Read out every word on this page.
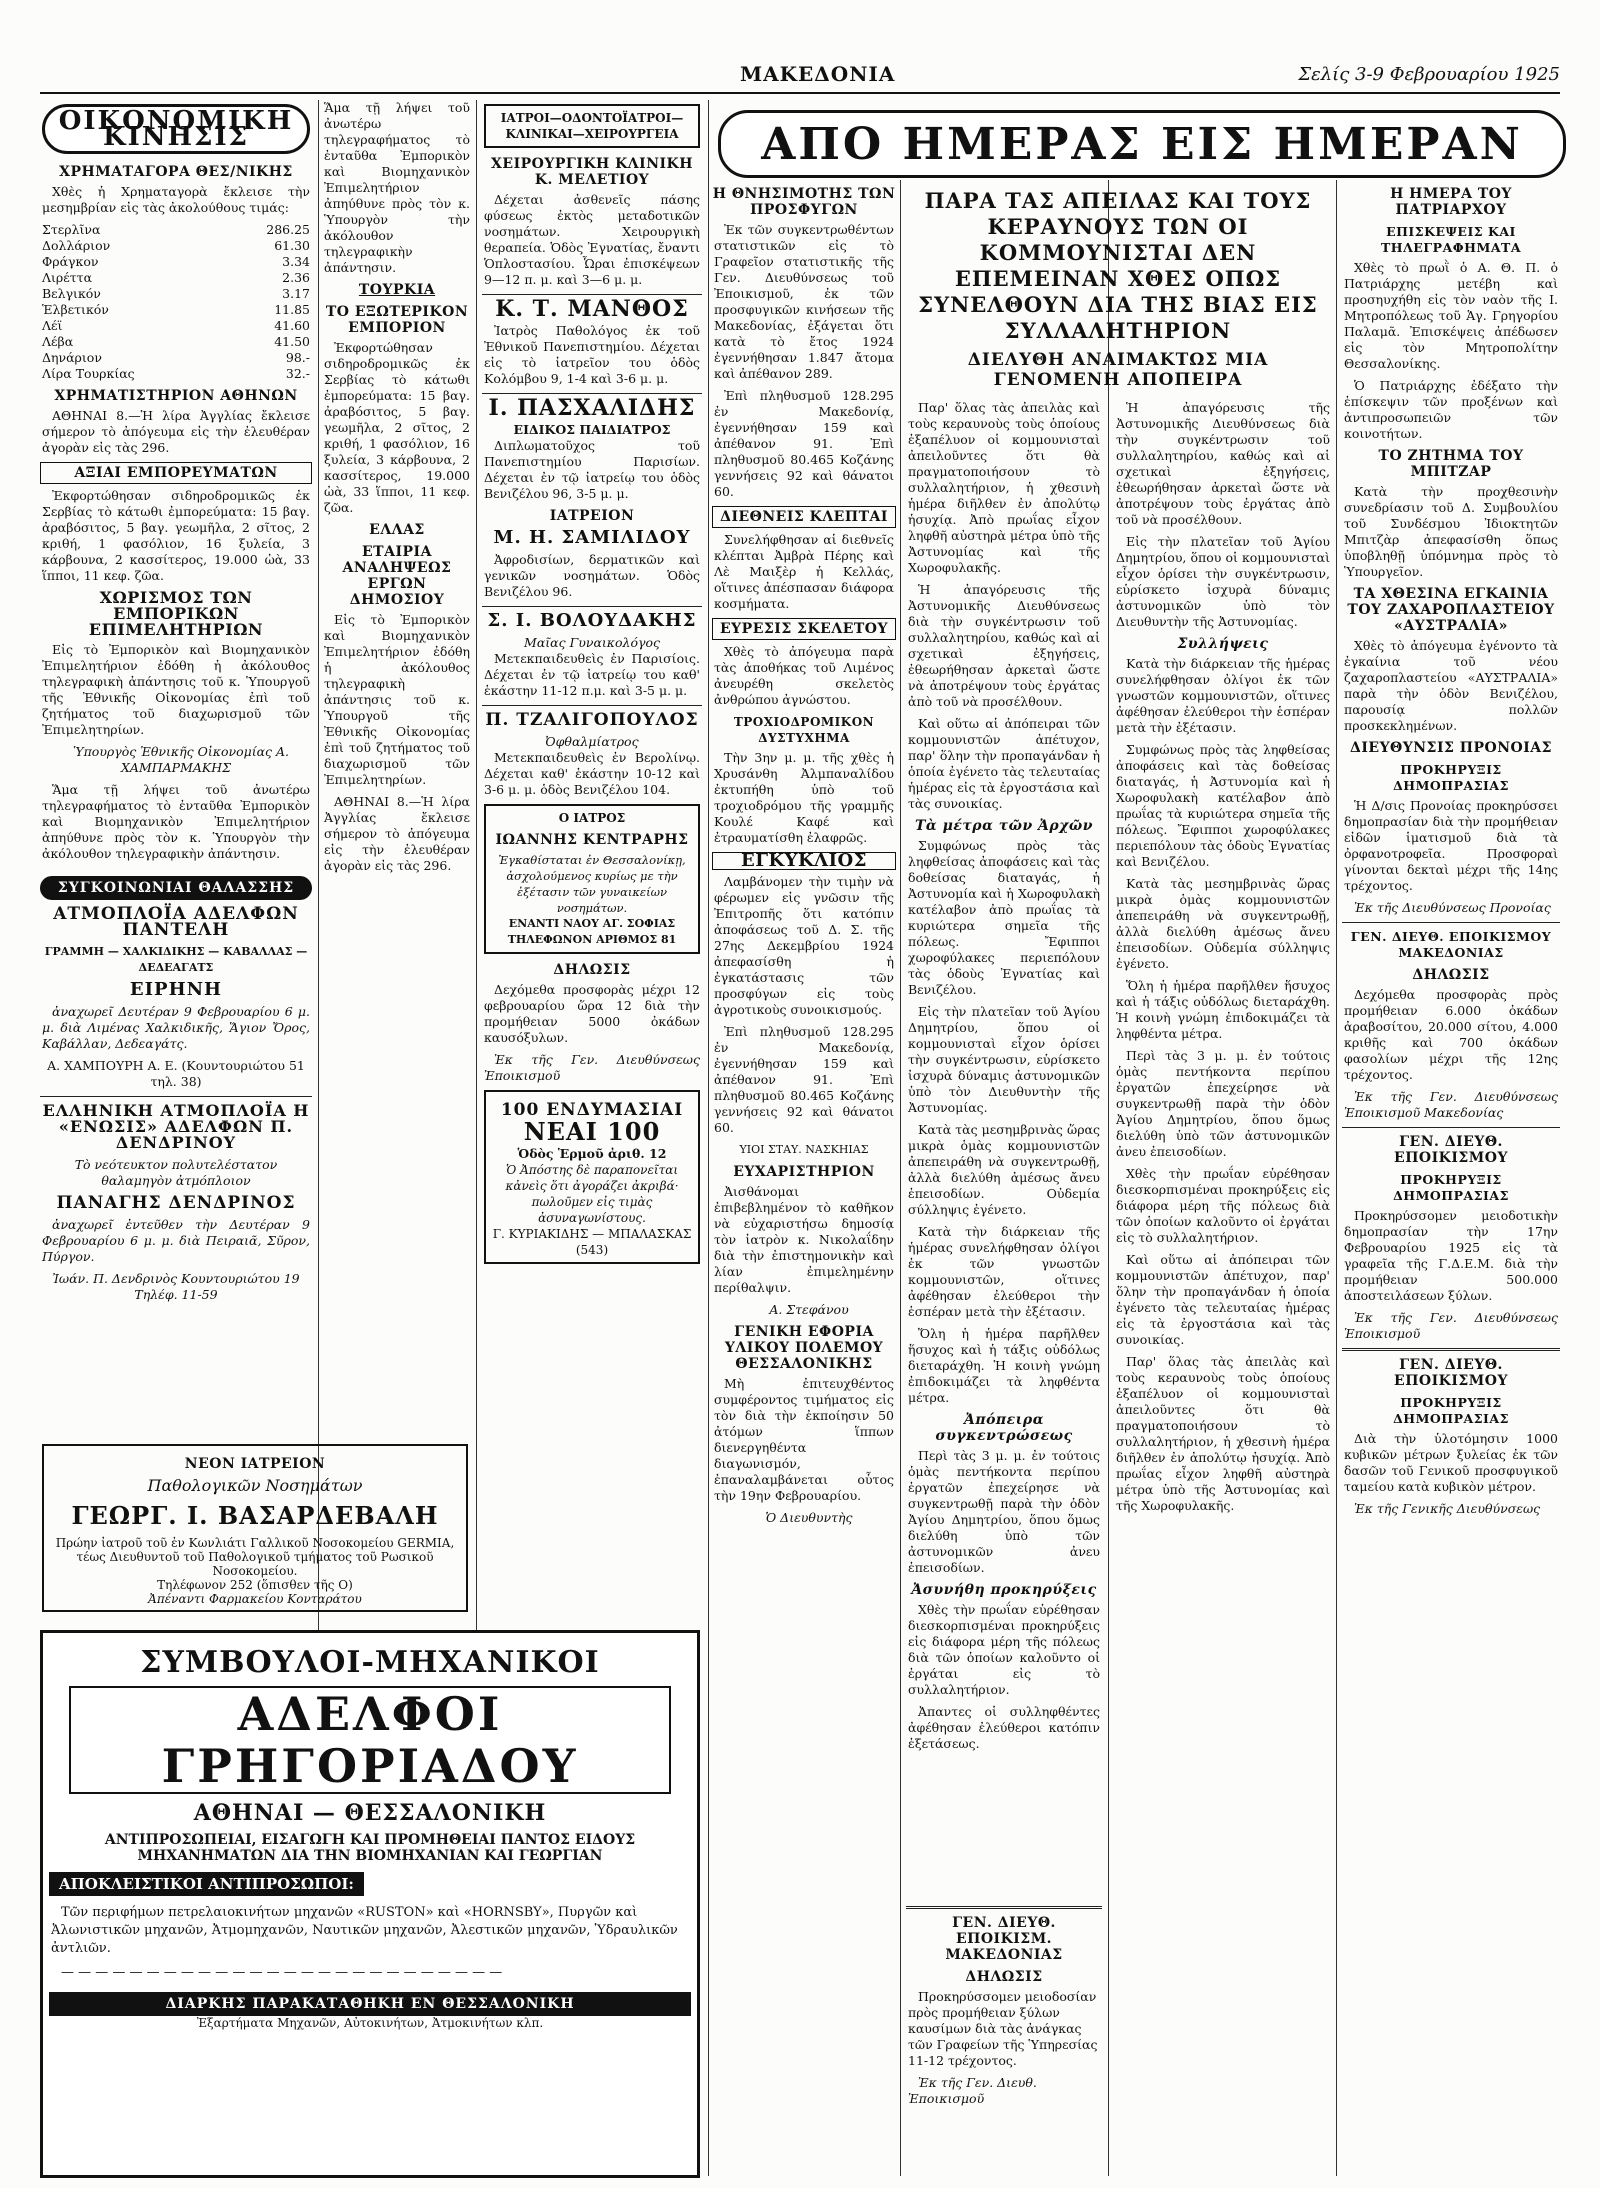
ΜΑΚΕΔΟΝΙΑ	Σελίς 3-9 Φεβρουαρίου 1925
ΟΙΚΟΝΟΜΙΚΗ ΚΙΝΗΣΙΣ
ΧΡΗΜΑΤΑΓΟΡΑ ΘΕΣ/ΝΙΚΗΣ
Χθὲς ἡ Χρηματαγορὰ ἔκλεισε τὴν μεσημβρίαν εἰς τὰς ἀκολούθους τιμάς:
Στερλῖνα	286.25
Δολλάριον	61.30
Φράγκον	3.34
Λιρέττα	2.36
Βελγικόν	3.17
Ἑλβετικόν	11.85
Λέϊ	41.60
Λέβα	41.50
Δηνάριον	98.-
Λίρα Τουρκίας	32.-
ΧΡΗΜΑΤΙΣΤΗΡΙΟΝ ΑΘΗΝΩΝ
ΑΘΗΝΑΙ 8.—Ἡ λίρα Ἀγγλίας ἔκλεισε σήμερον τὸ ἀπόγευμα εἰς τὴν ἐλευθέραν ἀγορὰν εἰς τὰς 296.
ΑΞΙΑΙ ΕΜΠΟΡΕΥΜΑΤΩΝ
Ἐκφορτώθησαν σιδηροδρομικῶς ἐκ Σερβίας τὸ κάτωθι ἐμπορεύματα: 15 βαγ. ἀραβόσιτος, 5 βαγ. γεωμῆλα, 2 σῖτος, 2 κριθή, 1 φασόλιον, 16 ξυλεία, 3 κάρβουνα, 2 κασσίτερος, 19.000 ὠὰ, 33 ἵπποι, 11 κεφ. ζῶα.
ΧΩΡΙΣΜΟΣ ΤΩΝ ΕΜΠΟΡΙΚΩΝ ΕΠΙΜΕΛΗΤΗΡΙΩΝ
Εἰς τὸ Ἐμπορικὸν καὶ Βιομηχανικὸν Ἐπιμελητήριον ἐδόθη ἡ ἀκόλουθος τηλεγραφικὴ ἀπάντησις τοῦ κ. Ὑπουργοῦ τῆς Ἐθνικῆς Οἰκονομίας ἐπὶ τοῦ ζητήματος τοῦ διαχωρισμοῦ τῶν Ἐπιμελητηρίων.
Ὑπουργὸς Ἐθνικῆς Οἰκονομίας Α. ΧΑΜΠΑΡΜΑΚΗΣ
Ἅμα τῇ λήψει τοῦ ἀνωτέρω τηλεγραφήματος τὸ ἐνταῦθα Ἐμπορικὸν καὶ Βιομηχανικὸν Ἐπιμελητήριον ἀπηύθυνε πρὸς τὸν κ. Ὑπουργὸν τὴν ἀκόλουθον τηλεγραφικὴν ἀπάντησιν.
ΣΥΓΚΟΙΝΩΝΙΑΙ ΘΑΛΑΣΣΗΣ
ΑΤΜΟΠΛΟΪΑ ΑΔΕΛΦΩΝ ΠΑΝΤΕΛΗ
ΓΡΑΜΜΗ — ΧΑΛΚΙΔΙΚΗΣ — ΚΑΒΑΛΛΑΣ — ΔΕΔΕΑΓΑΤΣ
ΕΙΡΗΝΗ
ἀναχωρεῖ Δευτέραν 9 Φεβρουαρίου 6 μ. μ. διὰ Λιμένας Χαλκιδικῆς, Ἅγιον Ὄρος, Καβάλλαν, Δεδεαγάτς.
Α. ΧΑΜΠΟΥΡΗ Α. Ε. (Κουντουριώτου 51 τηλ. 38)
ΕΛΛΗΝΙΚΗ ΑΤΜΟΠΛΟΪΑ Η «ΕΝΩΣΙΣ» ΑΔΕΛΦΩΝ Π. ΔΕΝΔΡΙΝΟΥ
Τὸ νεότευκτον πολυτελέστατον θαλαμηγὸν ἀτμόπλοιον
ΠΑΝΑΓΗΣ ΔΕΝΔΡΙΝΟΣ
ἀναχωρεῖ ἐντεῦθεν τὴν Δευτέραν 9 Φεβρουαρίου 6 μ. μ. διὰ Πειραιᾶ, Σῦρον, Πύργον.
Ἰωάν. Π. Δενδρινὸς Κουντουριώτου 19 Τηλέφ. 11-59
ΝΕΟΝ ΙΑΤΡΕΙΟΝ
Παθολογικῶν Νοσημάτων
ΓΕΩΡΓ. Ι. ΒΑΣΑΡΔΕΒΑΛΗ
Πρώην ἰατροῦ τοῦ ἐν Κωνλιάτι Γαλλικοῦ Νοσοκομείου GERMIA, τέως Διευθυντοῦ τοῦ Παθολογικοῦ τμήματος τοῦ Ρωσικοῦ Νοσοκομείου.
Τηλέφωνον 252 (ὅπισθεν τῆς Ο)
Ἀπέναντι Φαρμακείου Κονταράτου
ΣΥΜΒΟΥΛΟΙ-ΜΗΧΑΝΙΚΟΙ
ΑΔΕΛΦΟΙ ΓΡΗΓΟΡΙΑΔΟΥ
ΑΘΗΝΑΙ — ΘΕΣΣΑΛΟΝΙΚΗ
ΑΝΤΙΠΡΟΣΩΠΕΙΑΙ, ΕΙΣΑΓΩΓΗ ΚΑΙ ΠΡΟΜΗΘΕΙΑΙ ΠΑΝΤΟΣ ΕΙΔΟΥΣ ΜΗΧΑΝΗΜΑΤΩΝ ΔΙΑ ΤΗΝ ΒΙΟΜΗΧΑΝΙΑΝ ΚΑΙ ΓΕΩΡΓΙΑΝ
ΑΠΟΚΛΕΙΣΤΙΚΟΙ ΑΝΤΙΠΡΟΣΩΠΟΙ:
Τῶν περιφήμων πετρελαιοκινήτων μηχανῶν «RUSTON» καὶ «HORNSBY», Πυργῶν καὶ Ἀλωνιστικῶν μηχανῶν, Ἀτμομηχανῶν, Ναυτικῶν μηχανῶν, Ἀλεστικῶν μηχανῶν, Ὑδραυλικῶν ἀντλιῶν.
— — — — — — — — — — — — — — — — — — — — — — — — — —
ΔΙΑΡΚΗΣ ΠΑΡΑΚΑΤΑΘΗΚΗ ΕΝ ΘΕΣΣΑΛΟΝΙΚΗ
Ἐξαρτήματα Μηχανῶν, Αὐτοκινήτων, Ἀτμοκινήτων κλπ.
Ἅμα τῇ λήψει τοῦ ἀνωτέρω τηλεγραφήματος τὸ ἐνταῦθα Ἐμπορικὸν καὶ Βιομηχανικὸν Ἐπιμελητήριον ἀπηύθυνε πρὸς τὸν κ. Ὑπουργὸν τὴν ἀκόλουθον τηλεγραφικὴν ἀπάντησιν.
ΤΟΥΡΚΙΑ
ΤΟ ΕΞΩΤΕΡΙΚΟΝ ΕΜΠΟΡΙΟΝ
Ἐκφορτώθησαν σιδηροδρομικῶς ἐκ Σερβίας τὸ κάτωθι ἐμπορεύματα: 15 βαγ. ἀραβόσιτος, 5 βαγ. γεωμῆλα, 2 σῖτος, 2 κριθή, 1 φασόλιον, 16 ξυλεία, 3 κάρβουνα, 2 κασσίτερος, 19.000 ὠὰ, 33 ἵπποι, 11 κεφ. ζῶα.
ΕΛΛΑΣ
ΕΤΑΙΡΙΑ ΑΝΑΛΗΨΕΩΣ ΕΡΓΩΝ ΔΗΜΟΣΙΟΥ
Εἰς τὸ Ἐμπορικὸν καὶ Βιομηχανικὸν Ἐπιμελητήριον ἐδόθη ἡ ἀκόλουθος τηλεγραφικὴ ἀπάντησις τοῦ κ. Ὑπουργοῦ τῆς Ἐθνικῆς Οἰκονομίας ἐπὶ τοῦ ζητήματος τοῦ διαχωρισμοῦ τῶν Ἐπιμελητηρίων.
ΑΘΗΝΑΙ 8.—Ἡ λίρα Ἀγγλίας ἔκλεισε σήμερον τὸ ἀπόγευμα εἰς τὴν ἐλευθέραν ἀγορὰν εἰς τὰς 296.
ΙΑΤΡΟΙ—ΟΔΟΝΤΟΪΑΤΡΟΙ—ΚΛΙΝΙΚΑΙ—ΧΕΙΡΟΥΡΓΕΙΑ
ΧΕΙΡΟΥΡΓΙΚΗ ΚΛΙΝΙΚΗ Κ. ΜΕΛΕΤΙΟΥ
Δέχεται ἀσθενεῖς πάσης φύσεως ἐκτὸς μεταδοτικῶν νοσημάτων. Χειρουργικὴ θεραπεία. Ὁδὸς Ἐγνατίας, ἔναντι Ὁπλοστασίου. Ὧραι ἐπισκέψεων 9—12 π. μ. καὶ 3—6 μ. μ.
Κ. Τ. ΜΑΝΘΟΣ
Ἰατρὸς Παθολόγος ἐκ τοῦ Ἐθνικοῦ Πανεπιστημίου. Δέχεται εἰς τὸ ἰατρεῖον του ὁδὸς Κολόμβου 9, 1-4 καὶ 3-6 μ. μ.
Ι. ΠΑΣΧΑΛΙΔΗΣ
ΕΙΔΙΚΟΣ ΠΑΙΔΙΑΤΡΟΣ
Διπλωματοῦχος τοῦ Πανεπιστημίου Παρισίων. Δέχεται ἐν τῷ ἰατρείῳ του ὁδὸς Βενιζέλου 96, 3-5 μ. μ.
ΙΑΤΡΕΙΟΝ
Μ. Η. ΣΑΜΙΛΙΔΟΥ
Ἀφροδισίων, δερματικῶν καὶ γενικῶν νοσημάτων. Ὁδὸς Βενιζέλου 96.
Σ. Ι. ΒΟΛΟΥΔΑΚΗΣ
Μαῖας Γυναικολόγος
Μετεκπαιδευθεὶς ἐν Παρισίοις. Δέχεται ἐν τῷ ἰατρείῳ του καθ' ἑκάστην 11-12 π.μ. καὶ 3-5 μ. μ.
Π. ΤΖΑΛΙΓΟΠΟΥΛΟΣ
Ὀφθαλμίατρος
Μετεκπαιδευθεὶς ἐν Βερολίνῳ. Δέχεται καθ' ἑκάστην 10-12 καὶ 3-6 μ. μ. ὁδὸς Βενιζέλου 104.
Ο ΙΑΤΡΟΣ
ΙΩΑΝΝΗΣ ΚΕΝΤΡΑΡΗΣ
Ἐγκαθίσταται ἐν Θεσσαλονίκῃ, ἀσχολούμενος κυρίως με τὴν ἐξέτασιν τῶν γυναικείων νοσημάτων.
ΕΝΑΝΤΙ ΝΑΟΥ ΑΓ. ΣΟΦΙΑΣ ΤΗΛΕΦΩΝΟΝ ΑΡΙΘΜΟΣ 81
ΔΗΛΩΣΙΣ
Δεχόμεθα προσφορὰς μέχρι 12 φεβρουαρίου ὥρα 12 διὰ τὴν προμήθειαν 5000 ὀκάδων καυσόξυλων.
Ἐκ τῆς Γεν. Διευθύνσεως Ἐποικισμοῦ
100 ΕΝΔΥΜΑΣΙΑΙ
ΝΕΑΙ 100
Ὁδὸς Ἑρμοῦ ἀριθ. 12
Ὁ Ἀπόστης δὲ παραπονεῖται κἀνεὶς ὅτι ἀγοράζει ἀκριβά· πωλοῦμεν εἰς τιμὰς ἀσυναγωνίστους.
Γ. ΚΥΡΙΑΚΙΔΗΣ — ΜΠΑΛΑΣΚΑΣ (543)
ΑΠΟ ΗΜΕΡΑΣ ΕΙΣ ΗΜΕΡΑΝ
Η ΘΝΗΣΙΜΟΤΗΣ ΤΩΝ ΠΡΟΣΦΥΓΩΝ
Ἐκ τῶν συγκεντρωθέντων στατιστικῶν εἰς τὸ Γραφεῖον στατιστικῆς τῆς Γεν. Διευθύνσεως τοῦ Ἐποικισμοῦ, ἐκ τῶν προσφυγικῶν κινήσεων τῆς Μακεδονίας, ἐξάγεται ὅτι κατὰ τὸ ἔτος 1924 ἐγεννήθησαν 1.847 ἄτομα καὶ ἀπέθανον 289.
Ἐπὶ πληθυσμοῦ 128.295 ἐν Μακεδονίᾳ, ἐγεννήθησαν 159 καὶ ἀπέθανον 91. Ἐπὶ πληθυσμοῦ 80.465 Κοζάνης γεννήσεις 92 καὶ θάνατοι 60.
ΔΙΕΘΝΕΙΣ ΚΛΕΠΤΑΙ
Συνελήφθησαν αἱ διεθνεῖς κλέπται Ἀμβρὰ Πέρης καὶ Λὲ Μαιξὲρ ἡ Κελλάς, οἵτινες ἀπέσπασαν διάφορα κοσμήματα.
ΕΥΡΕΣΙΣ ΣΚΕΛΕΤΟΥ
Χθὲς τὸ ἀπόγευμα παρὰ τὰς ἀποθήκας τοῦ Λιμένος ἀνευρέθη σκελετὸς ἀνθρώπου ἀγνώστου.
ΤΡΟΧΙΟΔΡΟΜΙΚΟΝ ΔΥΣΤΥΧΗΜΑ
Τὴν 3ην μ. μ. τῆς χθὲς ἡ Χρυσάνθη Ἀλμπαναλίδου ἐκτυπήθη ὑπὸ τοῦ τροχιοδρόμου τῆς γραμμῆς Κουλέ Καφέ καὶ ἐτραυματίσθη ἐλαφρῶς.
ΕΓΚΥΚΛΙΟΣ
Λαμβάνομεν τὴν τιμὴν νὰ φέρωμεν εἰς γνῶσιν τῆς Ἐπιτροπῆς ὅτι κατόπιν ἀποφάσεως τοῦ Δ. Σ. τῆς 27ης Δεκεμβρίου 1924 ἀπεφασίσθη ἡ ἐγκατάστασις τῶν προσφύγων εἰς τοὺς ἀγροτικοὺς συνοικισμούς.
Ἐπὶ πληθυσμοῦ 128.295 ἐν Μακεδονίᾳ, ἐγεννήθησαν 159 καὶ ἀπέθανον 91. Ἐπὶ πληθυσμοῦ 80.465 Κοζάνης γεννήσεις 92 καὶ θάνατοι 60.
ΥΙΟΙ ΣΤΑΥ. ΝΑΣΚΗΙΑΣ
ΕΥΧΑΡΙΣΤΗΡΙΟΝ
Ἀισθάνομαι ἐπιβεβλημένον τὸ καθῆκον νὰ εὐχαριστήσω δημοσίᾳ τὸν ἰατρὸν κ. Νικολαΐδην διὰ τὴν ἐπιστημονικὴν καὶ λίαν ἐπιμελημένην περίθαλψιν.
Α. Στεφάνου
ΓΕΝΙΚΗ ΕΦΟΡΙΑ ΥΛΙΚΟΥ ΠΟΛΕΜΟΥ ΘΕΣΣΑΛΟΝΙΚΗΣ
Μὴ ἐπιτευχθέντος συμφέροντος τιμήματος εἰς τὸν διὰ τὴν ἐκποίησιν 50 ἀτόμων ἵππων διενεργηθέντα διαγωνισμόν, ἐπαναλαμβάνεται οὗτος τὴν 19ην Φεβρουαρίου.
Ὁ Διευθυντὴς
ΠΑΡΑ ΤΑΣ ΑΠΕΙΛΑΣ ΚΑΙ ΤΟΥΣ ΚΕΡΑΥΝΟΥΣ ΤΩΝ ΟΙ ΚΟΜΜΟΥΝΙΣΤΑΙ ΔΕΝ ΕΠΕΜΕΙΝΑΝ ΧΘΕΣ ΟΠΩΣ ΣΥΝΕΛΘΟΥΝ ΔΙΑ ΤΗΣ ΒΙΑΣ ΕΙΣ ΣΥΛΛΑΛΗΤΗΡΙΟΝ
ΔΙΕΛΥΘΗ ΑΝΑΙΜΑΚΤΩΣ ΜΙΑ ΓΕΝΟΜΕΝΗ ΑΠΟΠΕΙΡΑ
Παρ' ὅλας τὰς ἀπειλὰς καὶ τοὺς κεραυνοὺς τοὺς ὁποίους ἐξαπέλυον οἱ κομμουνισταὶ ἀπειλοῦντες ὅτι θὰ πραγματοποιήσουν τὸ συλλαλητήριον, ἡ χθεσινὴ ἡμέρα διῆλθεν ἐν ἀπολύτῳ ἡσυχίᾳ. Ἀπὸ πρωΐας εἶχον ληφθῆ αὐστηρὰ μέτρα ὑπὸ τῆς Ἀστυνομίας καὶ τῆς Χωροφυλακῆς.
Ἡ ἀπαγόρευσις τῆς Ἀστυνομικῆς Διευθύνσεως διὰ τὴν συγκέντρωσιν τοῦ συλλαλητηρίου, καθώς καὶ αἱ σχετικαὶ ἐξηγήσεις, ἐθεωρήθησαν ἀρκεταὶ ὥστε νὰ ἀποτρέψουν τοὺς ἐργάτας ἀπὸ τοῦ νὰ προσέλθουν.
Καὶ οὕτω αἱ ἀπόπειραι τῶν κομμουνιστῶν ἀπέτυχον, παρ' ὅλην τὴν προπαγάνδαν ἡ ὁποία ἐγένετο τὰς τελευταίας ἡμέρας εἰς τὰ ἐργοστάσια καὶ τὰς συνοικίας.
Τὰ μέτρα τῶν Ἀρχῶν
Συμφώνως πρὸς τὰς ληφθείσας ἀποφάσεις καὶ τὰς δοθείσας διαταγάς, ἡ Ἀστυνομία καὶ ἡ Χωροφυλακὴ κατέλαβον ἀπὸ πρωΐας τὰ κυριώτερα σημεῖα τῆς πόλεως. Ἔφιπποι χωροφύλακες περιεπόλουν τὰς ὁδοὺς Ἐγνατίας καὶ Βενιζέλου.
Εἰς τὴν πλατεῖαν τοῦ Ἁγίου Δημητρίου, ὅπου οἱ κομμουνισταὶ εἶχον ὁρίσει τὴν συγκέντρωσιν, εὑρίσκετο ἰσχυρὰ δύναμις ἀστυνομικῶν ὑπὸ τὸν Διευθυντὴν τῆς Ἀστυνομίας.
Κατὰ τὰς μεσημβρινὰς ὥρας μικρὰ ὁμὰς κομμουνιστῶν ἀπεπειράθη νὰ συγκεντρωθῇ, ἀλλὰ διελύθη ἀμέσως ἄνευ ἐπεισοδίων. Οὐδεμία σύλληψις ἐγένετο.
Κατὰ τὴν διάρκειαν τῆς ἡμέρας συνελήφθησαν ὀλίγοι ἐκ τῶν γνωστῶν κομμουνιστῶν, οἵτινες ἀφέθησαν ἐλεύθεροι τὴν ἑσπέραν μετὰ τὴν ἐξέτασιν.
Ὅλη ἡ ἡμέρα παρῆλθεν ἥσυχος καὶ ἡ τάξις οὐδόλως διεταράχθη. Ἡ κοινὴ γνώμη ἐπιδοκιμάζει τὰ ληφθέντα μέτρα.
Ἀπόπειρα συγκεντρώσεως
Περὶ τὰς 3 μ. μ. ἐν τούτοις ὁμὰς πεντήκοντα περίπου ἐργατῶν ἐπεχείρησε νὰ συγκεντρωθῇ παρὰ τὴν ὁδὸν Ἀγίου Δημητρίου, ὅπου ὅμως διελύθη ὑπὸ τῶν ἀστυνομικῶν ἀνευ ἐπεισοδίων.
Ἀσυνήθη προκηρύξεις
Χθὲς τὴν πρωΐαν εὑρέθησαν διεσκορπισμέναι προκηρύξεις εἰς διάφορα μέρη τῆς πόλεως διὰ τῶν ὁποίων καλοῦντο οἱ ἐργάται εἰς τὸ συλλαλητήριον.
Ἀπαντες οἱ συλληφθέντες ἀφέθησαν ἐλεύθεροι κατόπιν ἐξετάσεως.
Ἡ ἀπαγόρευσις τῆς Ἀστυνομικῆς Διευθύνσεως διὰ τὴν συγκέντρωσιν τοῦ συλλαλητηρίου, καθώς καὶ αἱ σχετικαὶ ἐξηγήσεις, ἐθεωρήθησαν ἀρκεταὶ ὥστε νὰ ἀποτρέψουν τοὺς ἐργάτας ἀπὸ τοῦ νὰ προσέλθουν.
Εἰς τὴν πλατεῖαν τοῦ Ἁγίου Δημητρίου, ὅπου οἱ κομμουνισταὶ εἶχον ὁρίσει τὴν συγκέντρωσιν, εὑρίσκετο ἰσχυρὰ δύναμις ἀστυνομικῶν ὑπὸ τὸν Διευθυντὴν τῆς Ἀστυνομίας.
Συλλήψεις
Κατὰ τὴν διάρκειαν τῆς ἡμέρας συνελήφθησαν ὀλίγοι ἐκ τῶν γνωστῶν κομμουνιστῶν, οἵτινες ἀφέθησαν ἐλεύθεροι τὴν ἑσπέραν μετὰ τὴν ἐξέτασιν.
Συμφώνως πρὸς τὰς ληφθείσας ἀποφάσεις καὶ τὰς δοθείσας διαταγάς, ἡ Ἀστυνομία καὶ ἡ Χωροφυλακὴ κατέλαβον ἀπὸ πρωΐας τὰ κυριώτερα σημεῖα τῆς πόλεως. Ἔφιπποι χωροφύλακες περιεπόλουν τὰς ὁδοὺς Ἐγνατίας καὶ Βενιζέλου.
Κατὰ τὰς μεσημβρινὰς ὥρας μικρὰ ὁμὰς κομμουνιστῶν ἀπεπειράθη νὰ συγκεντρωθῇ, ἀλλὰ διελύθη ἀμέσως ἄνευ ἐπεισοδίων. Οὐδεμία σύλληψις ἐγένετο.
Ὅλη ἡ ἡμέρα παρῆλθεν ἥσυχος καὶ ἡ τάξις οὐδόλως διεταράχθη. Ἡ κοινὴ γνώμη ἐπιδοκιμάζει τὰ ληφθέντα μέτρα.
Περὶ τὰς 3 μ. μ. ἐν τούτοις ὁμὰς πεντήκοντα περίπου ἐργατῶν ἐπεχείρησε νὰ συγκεντρωθῇ παρὰ τὴν ὁδὸν Ἀγίου Δημητρίου, ὅπου ὅμως διελύθη ὑπὸ τῶν ἀστυνομικῶν ἀνευ ἐπεισοδίων.
Χθὲς τὴν πρωΐαν εὑρέθησαν διεσκορπισμέναι προκηρύξεις εἰς διάφορα μέρη τῆς πόλεως διὰ τῶν ὁποίων καλοῦντο οἱ ἐργάται εἰς τὸ συλλαλητήριον.
Καὶ οὕτω αἱ ἀπόπειραι τῶν κομμουνιστῶν ἀπέτυχον, παρ' ὅλην τὴν προπαγάνδαν ἡ ὁποία ἐγένετο τὰς τελευταίας ἡμέρας εἰς τὰ ἐργοστάσια καὶ τὰς συνοικίας.
Παρ' ὅλας τὰς ἀπειλὰς καὶ τοὺς κεραυνοὺς τοὺς ὁποίους ἐξαπέλυον οἱ κομμουνισταὶ ἀπειλοῦντες ὅτι θὰ πραγματοποιήσουν τὸ συλλαλητήριον, ἡ χθεσινὴ ἡμέρα διῆλθεν ἐν ἀπολύτῳ ἡσυχίᾳ. Ἀπὸ πρωΐας εἶχον ληφθῆ αὐστηρὰ μέτρα ὑπὸ τῆς Ἀστυνομίας καὶ τῆς Χωροφυλακῆς.
ΓΕΝ. ΔΙΕΥΘ. ΕΠΟΙΚΙΣΜ. ΜΑΚΕΔΟΝΙΑΣ
ΔΗΛΩΣΙΣ
Προκηρύσσομεν μειοδοσίαν πρὸς προμήθειαν ξύλων καυσίμων διὰ τὰς ἀνάγκας τῶν Γραφείων τῆς Ὑπηρεσίας 11-12 τρέχοντος.
Ἐκ τῆς Γεν. Διευθ. Ἐποικισμοῦ
Η ΗΜΕΡΑ ΤΟΥ ΠΑΤΡΙΑΡΧΟΥ
ΕΠΙΣΚΕΨΕΙΣ ΚΑΙ ΤΗΛΕΓΡΑΦΗΜΑΤΑ
Χθὲς τὸ πρωῒ ὁ Α. Θ. Π. ὁ Πατριάρχης μετέβη καὶ προσηυχήθη εἰς τὸν ναὸν τῆς Ι. Μητροπόλεως τοῦ Ἁγ. Γρηγορίου Παλαμᾶ. Ἐπισκέψεις ἀπέδωσεν εἰς τὸν Μητροπολίτην Θεσσαλονίκης.
Ὁ Πατριάρχης ἐδέξατο τὴν ἐπίσκεψιν τῶν προξένων καὶ ἀντιπροσωπειῶν τῶν κοινοτήτων.
ΤΟ ΖΗΤΗΜΑ ΤΟΥ ΜΠΙΤΖΑΡ
Κατὰ τὴν προχθεσινὴν συνεδρίασιν τοῦ Δ. Συμβουλίου τοῦ Συνδέσμου Ἰδιοκτητῶν Μπιτζὰρ ἀπεφασίσθη ὅπως ὑποβληθῇ ὑπόμνημα πρὸς τὸ Ὑπουργεῖον.
ΤΑ ΧΘΕΣΙΝΑ ΕΓΚΑΙΝΙΑ ΤΟΥ ΖΑΧΑΡΟΠΛΑΣΤΕΙΟΥ «ΑΥΣΤΡΑΛΙΑ»
Χθὲς τὸ ἀπόγευμα ἐγένοντο τὰ ἐγκαίνια τοῦ νέου ζαχαροπλαστείου «ΑΥΣΤΡΑΛΙΑ» παρὰ τὴν ὁδὸν Βενιζέλου, παρουσίᾳ πολλῶν προσκεκλημένων.
ΔΙΕΥΘΥΝΣΙΣ ΠΡΟΝΟΙΑΣ
ΠΡΟΚΗΡΥΞΙΣ ΔΗΜΟΠΡΑΣΙΑΣ
Ἡ Δ/σις Προνοίας προκηρύσσει δημοπρασίαν διὰ τὴν προμήθειαν εἰδῶν ἱματισμοῦ διὰ τὰ ὀρφανοτροφεῖα. Προσφοραὶ γίνονται δεκταὶ μέχρι τῆς 14ης τρέχοντος.
Ἐκ τῆς Διευθύνσεως Προνοίας
ΓΕΝ. ΔΙΕΥΘ. ΕΠΟΙΚΙΣΜΟΥ ΜΑΚΕΔΟΝΙΑΣ
ΔΗΛΩΣΙΣ
Δεχόμεθα προσφορὰς πρὸς προμήθειαν 6.000 ὀκάδων ἀραβοσίτου, 20.000 σίτου, 4.000 κριθῆς καὶ 700 ὀκάδων φασολίων μέχρι τῆς 12ης τρέχοντος.
Ἐκ τῆς Γεν. Διευθύνσεως Ἐποικισμοῦ Μακεδονίας
ΓΕΝ. ΔΙΕΥΘ. ΕΠΟΙΚΙΣΜΟΥ
ΠΡΟΚΗΡΥΞΙΣ ΔΗΜΟΠΡΑΣΙΑΣ
Προκηρύσσομεν μειοδοτικὴν δημοπρασίαν τὴν 17ην Φεβρουαρίου 1925 εἰς τὰ γραφεῖα τῆς Γ.Δ.Ε.Μ. διὰ τὴν προμήθειαν 500.000 ἀποστειλάσεων ξύλων.
Ἐκ τῆς Γεν. Διευθύνσεως Ἐποικισμοῦ
ΓΕΝ. ΔΙΕΥΘ. ΕΠΟΙΚΙΣΜΟΥ
ΠΡΟΚΗΡΥΞΙΣ ΔΗΜΟΠΡΑΣΙΑΣ
Διὰ τὴν ὑλοτόμησιν 1000 κυβικῶν μέτρων ξυλείας ἐκ τῶν δασῶν τοῦ Γενικοῦ προσφυγικοῦ ταμείου κατὰ κυβικὸν μέτρον.
Ἐκ τῆς Γενικῆς Διευθύνσεως
